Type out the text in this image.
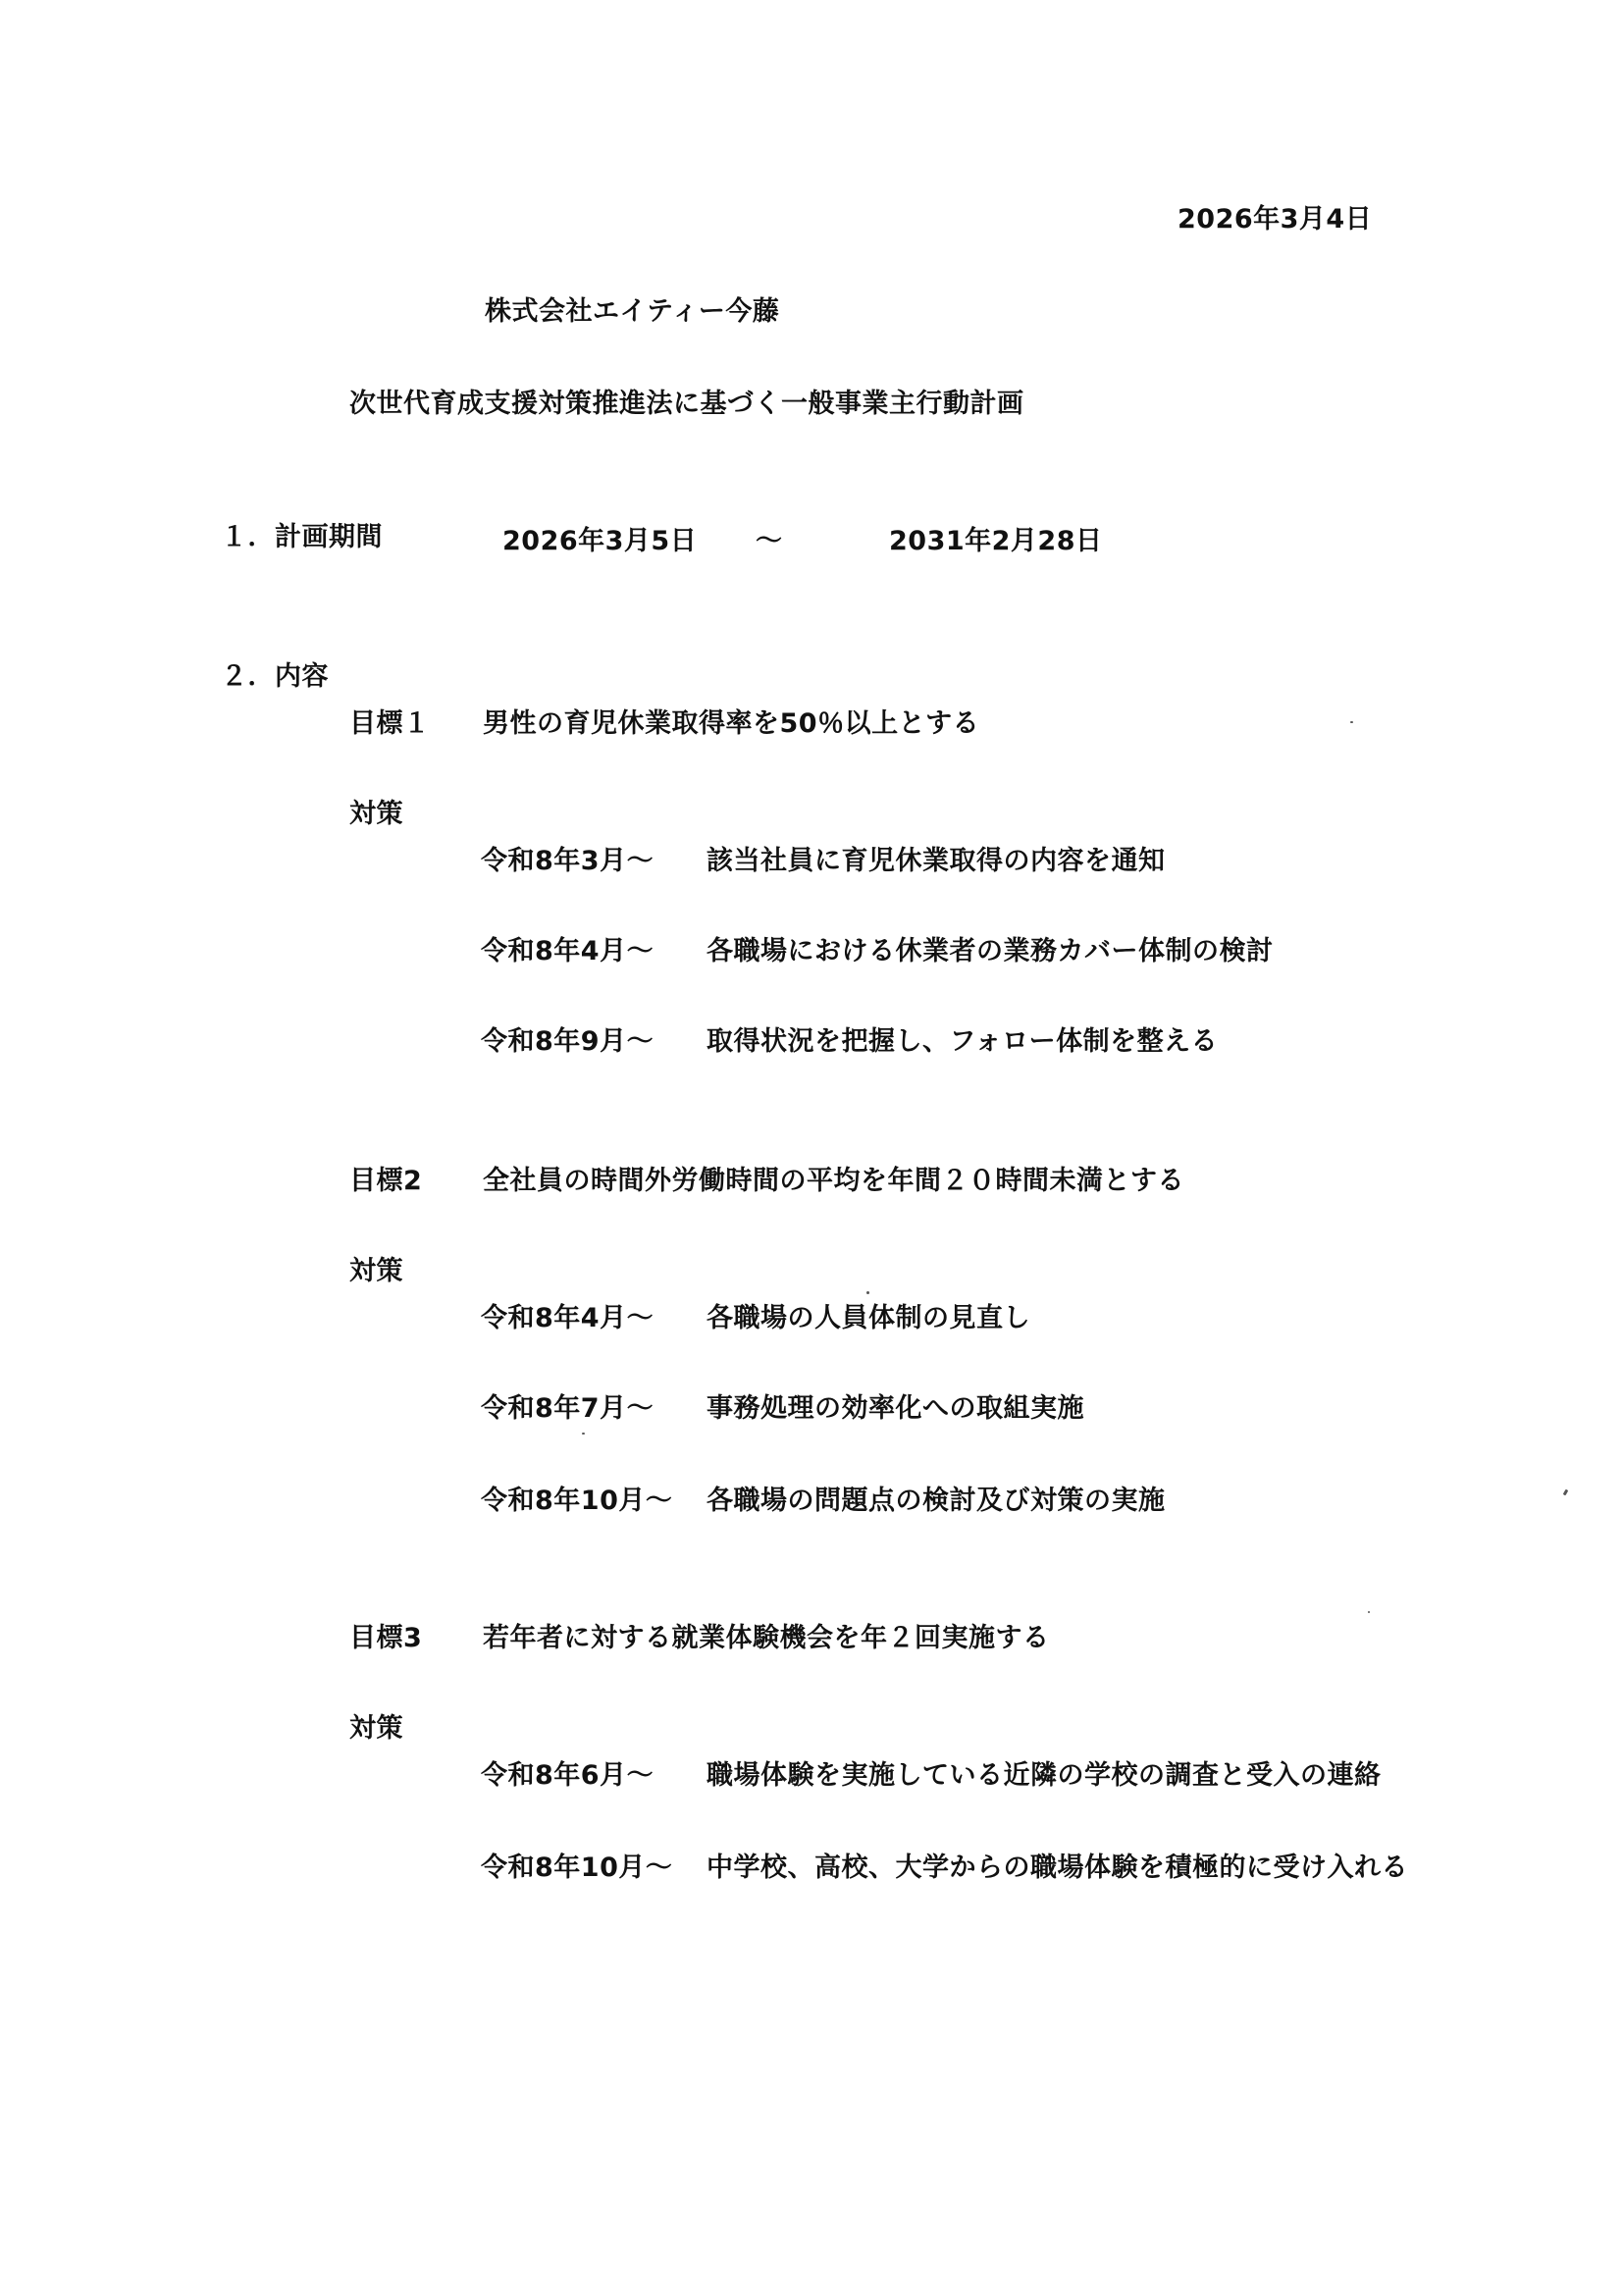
2026年3月4日
株式会社エイティー今藤
次世代育成支援対策推進法に基づく一般事業主行動計画
１．計画期間	2026年3月5日 ～	2031年2月28日
２．内容
目標１ 男性の育児休業取得率を50％以上とする
対策
令和8年3月～ 該当社員に育児休業取得の内容を通知
令和8年4月～ 各職場における休業者の業務カバー体制の検討
令和8年9月～ 取得状況を把握し、フォロー体制を整える
目標2 全社員の時間外労働時間の平均を年間２０時間未満とする
対策
令和8年4月～ 各職場の人員体制の見直し
令和8年7月～ 事務処理の効率化への取組実施
令和8年10月～ 各職場の問題点の検討及び対策の実施
目標3 若年者に対する就業体験機会を年２回実施する
対策
令和8年6月～ 職場体験を実施している近隣の学校の調査と受入の連絡
令和8年10月～ 中学校、高校、大学からの職場体験を積極的に受け入れる
